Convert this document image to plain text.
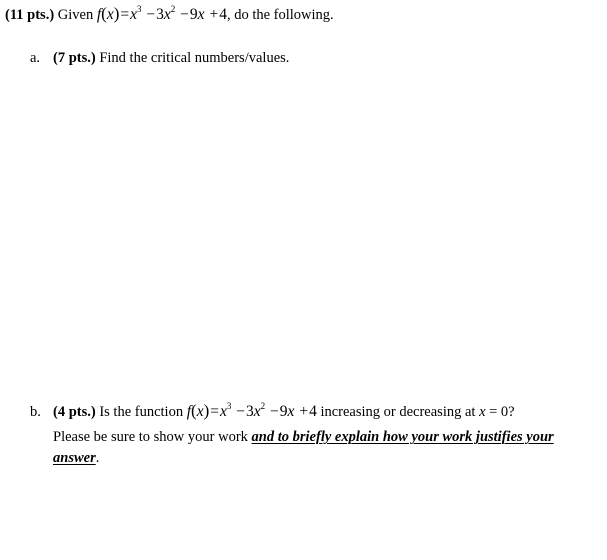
(11 pts.) Given $f(x)=x^3 -3x^2 -9x +4$, do the following.
a. (7 pts.) Find the critical numbers/values.
b. (4 pts.) Is the function $f(x)=x^3 -3x^2 -9x +4$ increasing or decreasing at x = 0?
Please be sure to show your work and to briefly explain how your work justifies your
answer.
